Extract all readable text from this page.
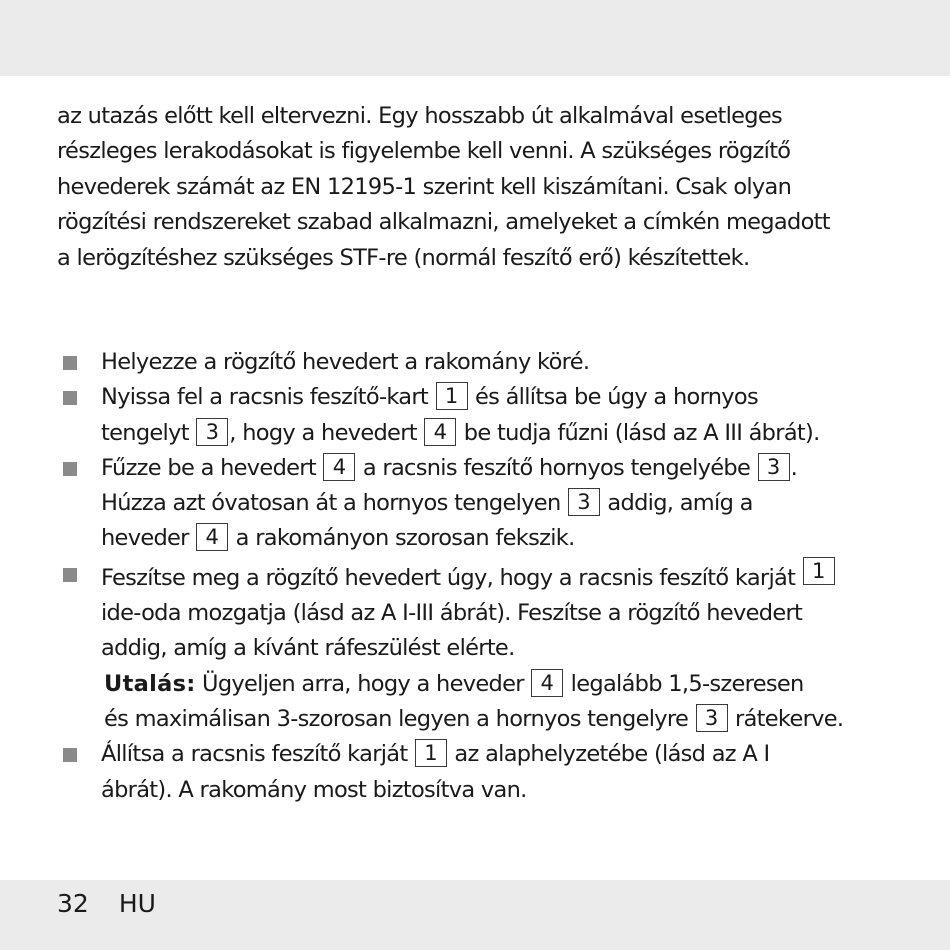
az utazás előtt kell eltervezni. Egy hosszabb út alkalmával esetleges
részleges lerakodásokat is figyelembe kell venni. A szükséges rögzítő
hevederek számát az EN 12195-1 szerint kell kiszámítani. Csak olyan
rögzítési rendszereket szabad alkalmazni, amelyeket a címkén megadott
a lerögzítéshez szükséges STF-re (normál feszítő erő) készítettek.
Helyezze a rögzítő hevedert a rakomány köré.
Nyissa fel a racsnis feszítő-kart 1 és állítsa be úgy a hornyos
tengelyt 3 , hogy a hevedert 4 be tudja fűzni (lásd az A III ábrát).
Fűzze be a hevedert 4 a racsnis feszítő hornyos tengelyébe 3 .
Húzza azt óvatosan át a hornyos tengelyen 3 addig, amíg a
heveder 4 a rakományon szorosan fekszik.
Feszítse meg a rögzítő hevedert úgy, hogy a racsnis feszítő karját 1
ide-oda mozgatja (lásd az A I-III ábrát). Feszítse a rögzítő hevedert
addig, amíg a kívánt ráfeszülést elérte.
Utalás: Ügyeljen arra, hogy a heveder 4 legalább 1,5-szeresen
és maximálisan 3-szorosan legyen a hornyos tengelyre 3 rátekerve.
Állítsa a racsnis feszítő karját 1 az alaphelyzetébe (lásd az A I
ábrát). A rakomány most biztosítva van.
32 HU
